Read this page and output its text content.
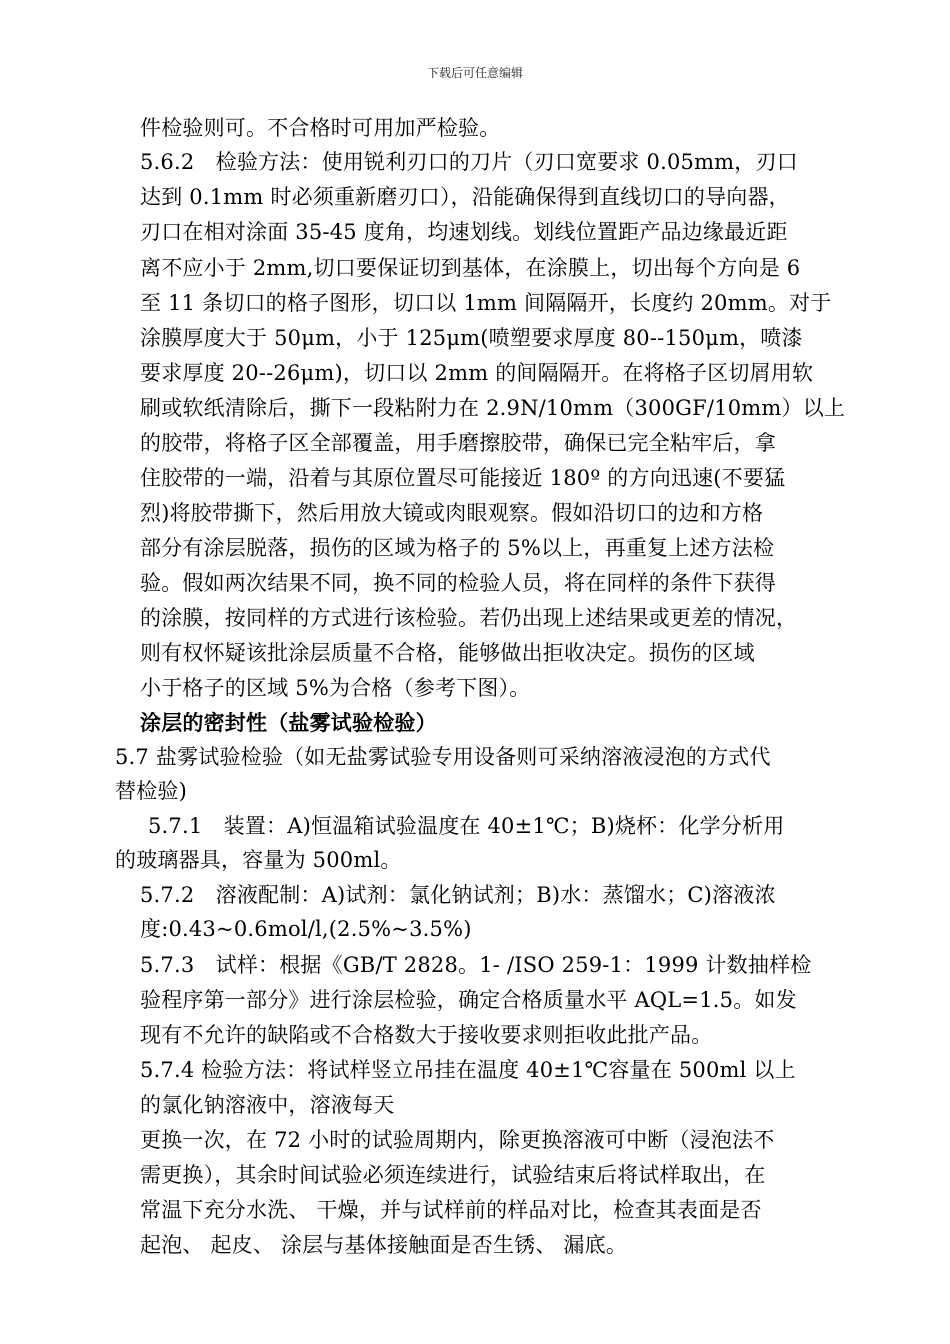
下载后可任意编辑
件检验则可。不合格时可用加严检验。
5.6.2　检验方法：使用锐利刃口的刀片（刃口宽要求 0.05mm，刃口
达到 0.1mm 时必须重新磨刃口），沿能确保得到直线切口的导向器，
刃口在相对涂面 35-45 度角，均速划线。划线位置距产品边缘最近距
离不应小于 2mm,切口要保证切到基体，在涂膜上，切出每个方向是 6
至 11 条切口的格子图形，切口以 1mm 间隔隔开，长度约 20mm。对于
涂膜厚度大于 50μm，小于 125μm(喷塑要求厚度 80--150μm，喷漆
要求厚度 20--26μm)，切口以 2mm 的间隔隔开。在将格子区切屑用软
刷或软纸清除后，撕下一段粘附力在 2.9N/10mm（300GF/10mm）以上
的胶带，将格子区全部覆盖，用手磨擦胶带，确保已完全粘牢后，拿
住胶带的一端，沿着与其原位置尽可能接近 180º 的方向迅速(不要猛
烈)将胶带撕下，然后用放大镜或肉眼观察。假如沿切口的边和方格
部分有涂层脱落，损伤的区域为格子的 5%以上，再重复上述方法检
验。假如两次结果不同，换不同的检验人员，将在同样的条件下获得
的涂膜，按同样的方式进行该检验。若仍出现上述结果或更差的情况，
则有权怀疑该批涂层质量不合格，能够做出拒收决定。损伤的区域
小于格子的区域 5%为合格（参考下图）。
涂层的密封性（盐雾试验检验）
5.7 盐雾试验检验（如无盐雾试验专用设备则可采纳溶液浸泡的方式代
替检验)
5.7.1　装置：A)恒温箱试验温度在 40±1℃；B)烧杯：化学分析用
的玻璃器具，容量为 500ml。
5.7.2　溶液配制：A)试剂：氯化钠试剂；B)水：蒸馏水；C)溶液浓
度:0.43~0.6mol/l,(2.5%~3.5%)
5.7.3　试样：根据《GB/T 2828。1- /ISO 259-1：1999 计数抽样检
验程序第一部分》进行涂层检验，确定合格质量水平 AQL=1.5。如发
现有不允许的缺陷或不合格数大于接收要求则拒收此批产品。
5.7.4 检验方法：将试样竖立吊挂在温度 40±1℃容量在 500ml 以上
的氯化钠溶液中，溶液每天
更换一次，在 72 小时的试验周期内，除更换溶液可中断（浸泡法不
需更换），其余时间试验必须连续进行，试验结束后将试样取出，在
常温下充分水洗、 干燥，并与试样前的样品对比，检查其表面是否
起泡、 起皮、 涂层与基体接触面是否生锈、 漏底。
